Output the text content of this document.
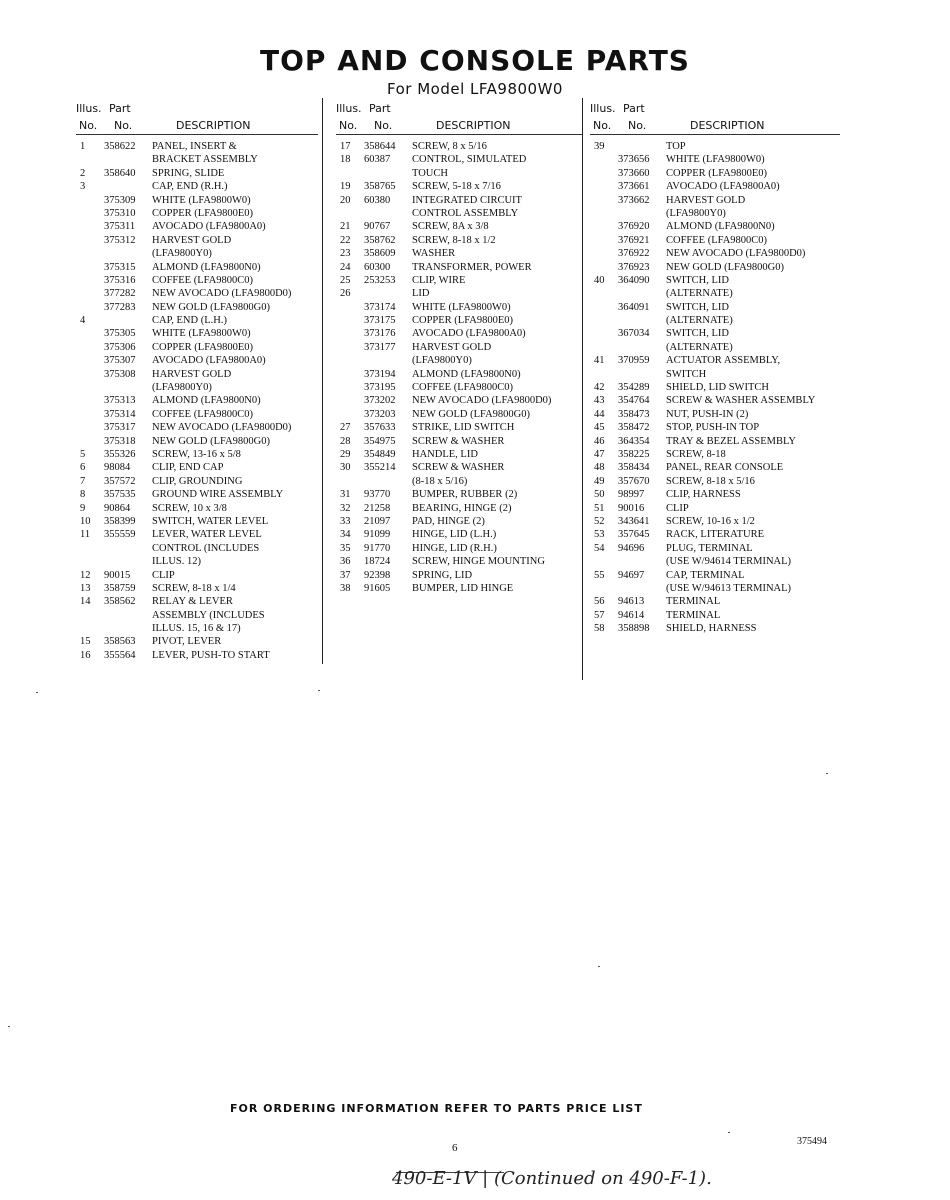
TOP AND CONSOLE PARTS
For Model LFA9800W0
Illus. Part
No. No.	DESCRIPTION
1 358622 PANEL, INSERT &
BRACKET ASSEMBLY
2 358640 SPRING, SLIDE
3	CAP, END (R.H.)
375309 WHITE (LFA9800W0)
375310 COPPER (LFA9800E0)
375311 AVOCADO (LFA9800A0)
375312 HARVEST GOLD
(LFA9800Y0)
375315 ALMOND (LFA9800N0)
375316 COFFEE (LFA9800C0)
377282 NEW AVOCADO (LFA9800D0)
377283 NEW GOLD (LFA9800G0)
4	CAP, END (L.H.)
375305 WHITE (LFA9800W0)
375306 COPPER (LFA9800E0)
375307 AVOCADO (LFA9800A0)
375308 HARVEST GOLD
(LFA9800Y0)
375313 ALMOND (LFA9800N0)
375314 COFFEE (LFA9800C0)
375317 NEW AVOCADO (LFA9800D0)
375318 NEW GOLD (LFA9800G0)
5 355326 SCREW, 13-16 x 5/8
6 98084 CLIP, END CAP
7 357572 CLIP, GROUNDING
8 357535 GROUND WIRE ASSEMBLY
9 90864 SCREW, 10 x 3/8
10 358399 SWITCH, WATER LEVEL
11 355559 LEVER, WATER LEVEL
CONTROL (INCLUDES
ILLUS. 12)
12 90015 CLIP
13 358759 SCREW, 8-18 x 1/4
14 358562 RELAY & LEVER
ASSEMBLY (INCLUDES
ILLUS. 15, 16 & 17)
15 358563 PIVOT, LEVER
16 355564 LEVER, PUSH-TO START
Illus. Part
No. No.	DESCRIPTION
17 358644 SCREW, 8 x 5/16
18 60387 CONTROL, SIMULATED
TOUCH
19 358765 SCREW, 5-18 x 7/16
20 60380 INTEGRATED CIRCUIT
CONTROL ASSEMBLY
21 90767 SCREW, 8A x 3/8
22 358762 SCREW, 8-18 x 1/2
23 358609 WASHER
24 60300 TRANSFORMER, POWER
25 253253 CLIP, WIRE
26	LID
373174 WHITE (LFA9800W0)
373175 COPPER (LFA9800E0)
373176 AVOCADO (LFA9800A0)
373177 HARVEST GOLD
(LFA9800Y0)
373194 ALMOND (LFA9800N0)
373195 COFFEE (LFA9800C0)
373202 NEW AVOCADO (LFA9800D0)
373203 NEW GOLD (LFA9800G0)
27 357633 STRIKE, LID SWITCH
28 354975 SCREW & WASHER
29 354849 HANDLE, LID
30 355214 SCREW & WASHER
(8-18 x 5/16)
31 93770 BUMPER, RUBBER (2)
32 21258 BEARING, HINGE (2)
33 21097 PAD, HINGE (2)
34 91099 HINGE, LID (L.H.)
35 91770 HINGE, LID (R.H.)
36 18724 SCREW, HINGE MOUNTING
37 92398 SPRING, LID
38 91605 BUMPER, LID HINGE
Illus. Part
No. No.	DESCRIPTION
39	TOP
373656 WHITE (LFA9800W0)
373660 COPPER (LFA9800E0)
373661 AVOCADO (LFA9800A0)
373662 HARVEST GOLD
(LFA9800Y0)
376920 ALMOND (LFA9800N0)
376921 COFFEE (LFA9800C0)
376922 NEW AVOCADO (LFA9800D0)
376923 NEW GOLD (LFA9800G0)
40 364090 SWITCH, LID
(ALTERNATE)
364091 SWITCH, LID
(ALTERNATE)
367034 SWITCH, LID
(ALTERNATE)
41 370959 ACTUATOR ASSEMBLY,
SWITCH
42 354289 SHIELD, LID SWITCH
43 354764 SCREW & WASHER ASSEMBLY
44 358473 NUT, PUSH-IN (2)
45 358472 STOP, PUSH-IN TOP
46 364354 TRAY & BEZEL ASSEMBLY
47 358225 SCREW, 8-18
48 358434 PANEL, REAR CONSOLE
49 357670 SCREW, 8-18 x 5/16
50 98997 CLIP, HARNESS
51 90016 CLIP
52 343641 SCREW, 10-16 x 1/2
53 357645 RACK, LITERATURE
54 94696 PLUG, TERMINAL
(USE W/94614 TERMINAL)
55 94697 CAP, TERMINAL
(USE W/94613 TERMINAL)
56 94613 TERMINAL
57 94614 TERMINAL
58 358898 SHIELD, HARNESS
FOR ORDERING INFORMATION REFER TO PARTS PRICE LIST
6
375494
490-E-1V | (Continued on 490-F-1).
